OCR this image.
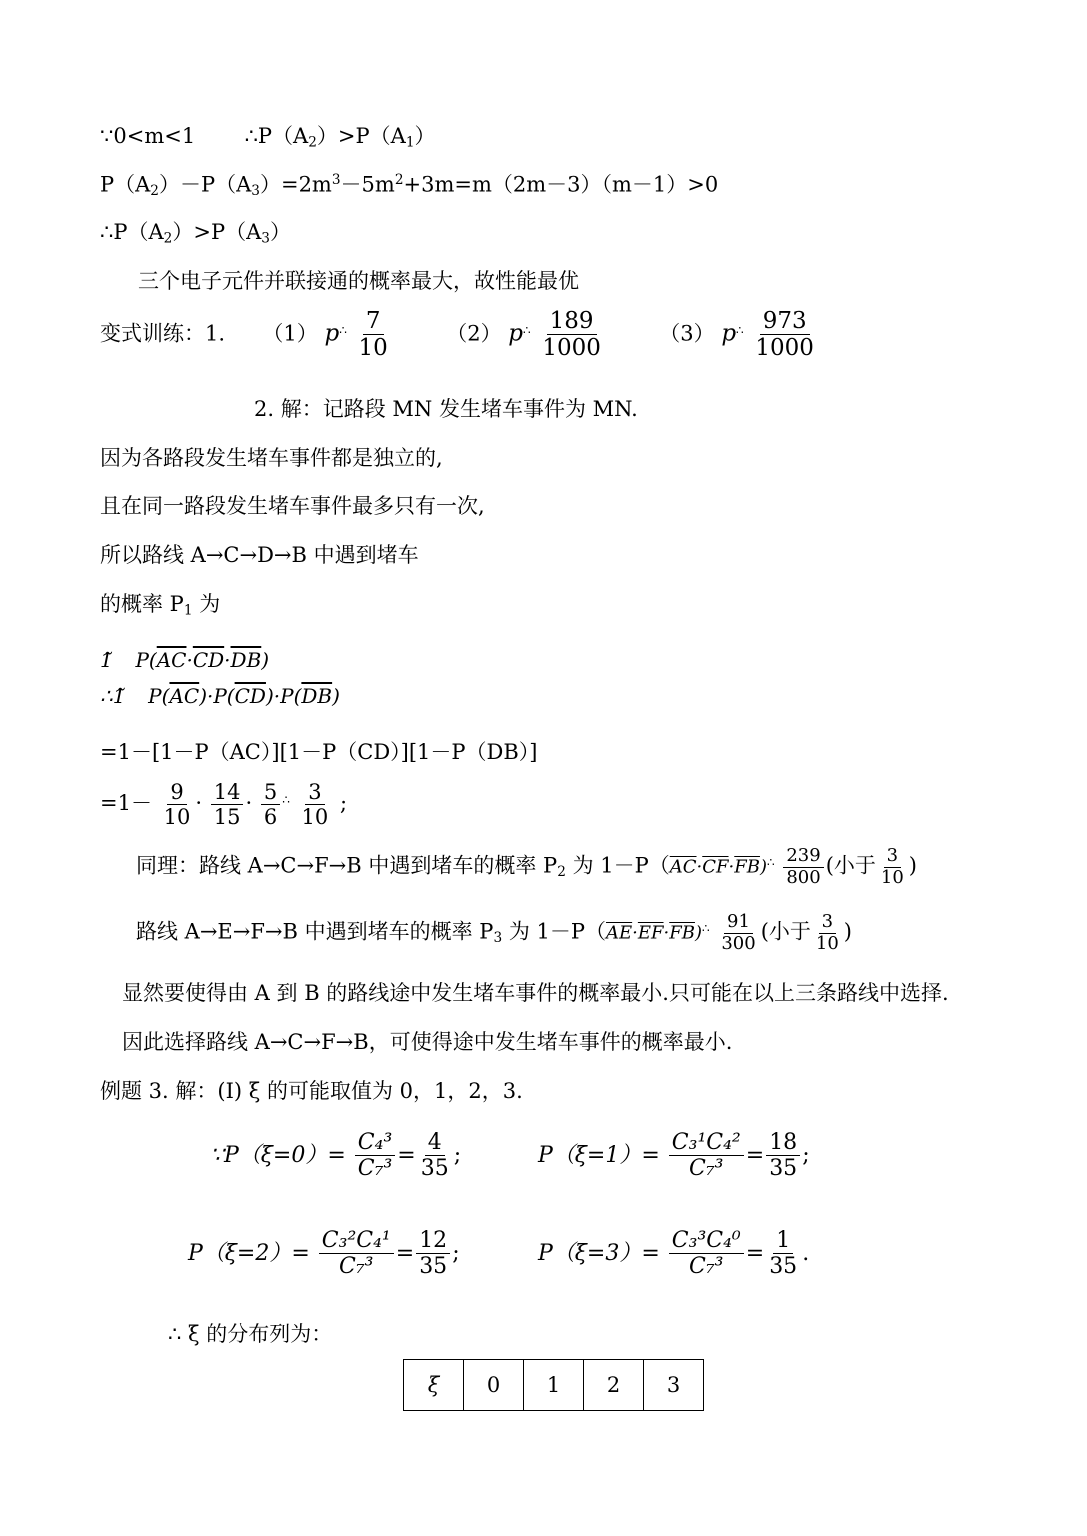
∵0<m<1 $\therefore P(A_2)>P(A_1)$
$P(A_2)-P(A_3)=2m^3-5m^2+3m=m(2m-3)(m-1)>0$
$\therefore P(A_2)>P(A_3)$
三个电子元件并联接通的概率最大，故性能最优
变式训练：1. （1） $p^\therefore \frac{7}{10}$	（2） $p^\therefore \frac{189}{1000}$	（3） $p^\therefore \frac{973}{1000}$
2. 解：记路段 MN 发生堵车事件为 MN.
因为各路段发生堵车事件都是独立的,
且在同一路段发生堵车事件最多只有一次,
所以路线 A→C→D→B 中遇到堵车
的概率 $P_1$ 为
1̃ $P(\overline{AC}\cdot\overline{CD}\cdot\overline{DB})$
∴1̃ $P(\overline{AC})\cdot P(\overline{CD})\cdot P(\overline{DB})$
=1－[1－P（AC）][1－P（CD）][1－P（DB）]
$=1- \frac{9}{10} \cdot \frac{14}{15} \cdot \frac{5}{6} ^\therefore \frac{3}{10}$ ;
同理：路线 A→C→F→B 中遇到堵车的概率 $P_2$ 为 $1-P(\overline{AC}\cdot\overline{CF}\cdot\overline{FB})^\therefore \frac{239}{800}$ (小于 $\frac{3}{10}$ )
路线 A→E→F→B 中遇到堵车的概率 $P_3$ 为 $1-P(\overline{AE}\cdot\overline{EF}\cdot\overline{FB})^\therefore \frac{91}{300}$ (小于 $\frac{3}{10}$ )
显然要使得由 A 到 B 的路线途中发生堵车事件的概率最小.只可能在以上三条路线中选择.
因此选择路线 A→C→F→B，可使得途中发生堵车事件的概率最小.
例题 3. 解：(I) ξ 的可能取值为 0，1，2，3.
∵P（ξ=0）= $\frac{\text{C₄³}}{\text{C₇³}} = \frac{4}{35}$ ;	$P(\xi=1)= \frac{\text{C₃¹C₄²}}{\text{C₇³}} = \frac{18}{35}$ ;
$P(\xi=2)= \frac{\text{C₃²C₄¹}}{\text{C₇³}} = \frac{12}{35}$ ;	$P(\xi=3)= \frac{\text{C₃³C₄⁰}}{\text{C₇³}} = \frac{1}{35}$ .
∴ ξ 的分布列为：
ξ	0	1	2	3
